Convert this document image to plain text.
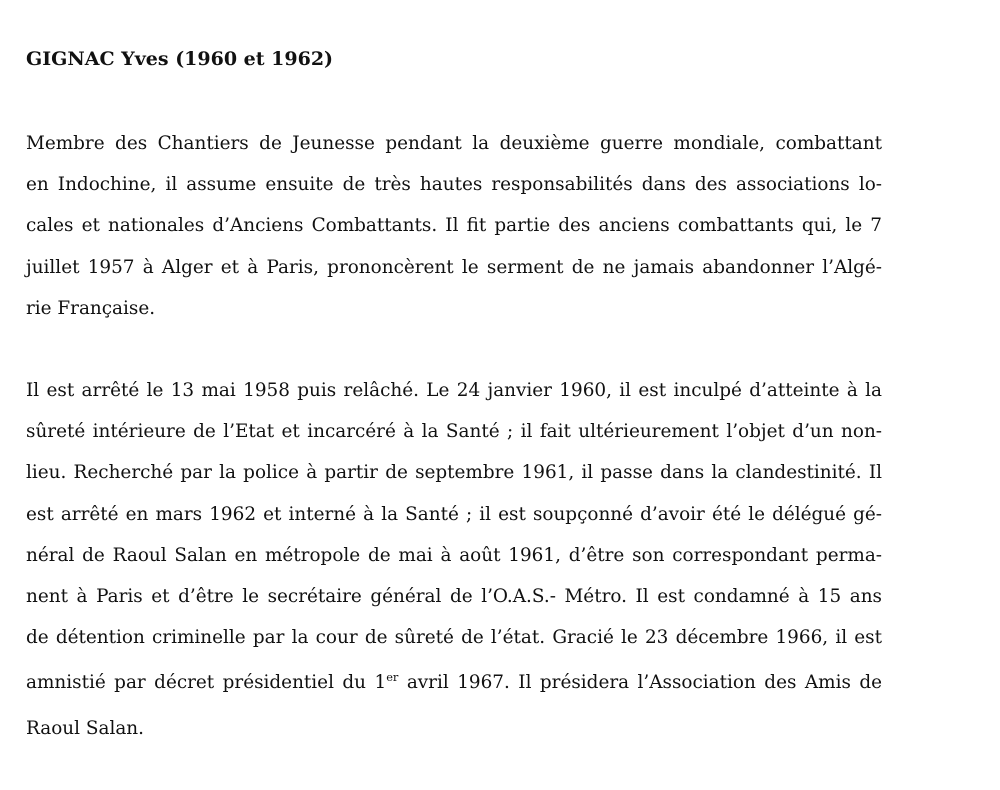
GIGNAC Yves (1960 et 1962)

Membre des Chantiers de Jeunesse pendant la deuxième guerre mondiale, combattant
en Indochine, il assume ensuite de très hautes responsabilités dans des associations lo-
cales et nationales d’Anciens Combattants. Il fit partie des anciens combattants qui, le 7
juillet 1957 à Alger et à Paris, prononcèrent le serment de ne jamais abandonner l’Algé-
rie Française.

Il est arrêté le 13 mai 1958 puis relâché. Le 24 janvier 1960, il est inculpé d’atteinte à la
sûreté intérieure de l’Etat et incarcéré à la Santé ; il fait ultérieurement l’objet d’un non-
lieu. Recherché par la police à partir de septembre 1961, il passe dans la clandestinité. Il
est arrêté en mars 1962 et interné à la Santé ; il est soupçonné d’avoir été le délégué gé-
néral de Raoul Salan en métropole de mai à août 1961, d’être son correspondant perma-
nent à Paris et d’être le secrétaire général de l’O.A.S.- Métro. Il est condamné à 15 ans
de détention criminelle par la cour de sûreté de l’état. Gracié le 23 décembre 1966, il est
amnistié par décret présidentiel du 1er avril 1967. Il présidera l’Association des Amis de
Raoul Salan.
